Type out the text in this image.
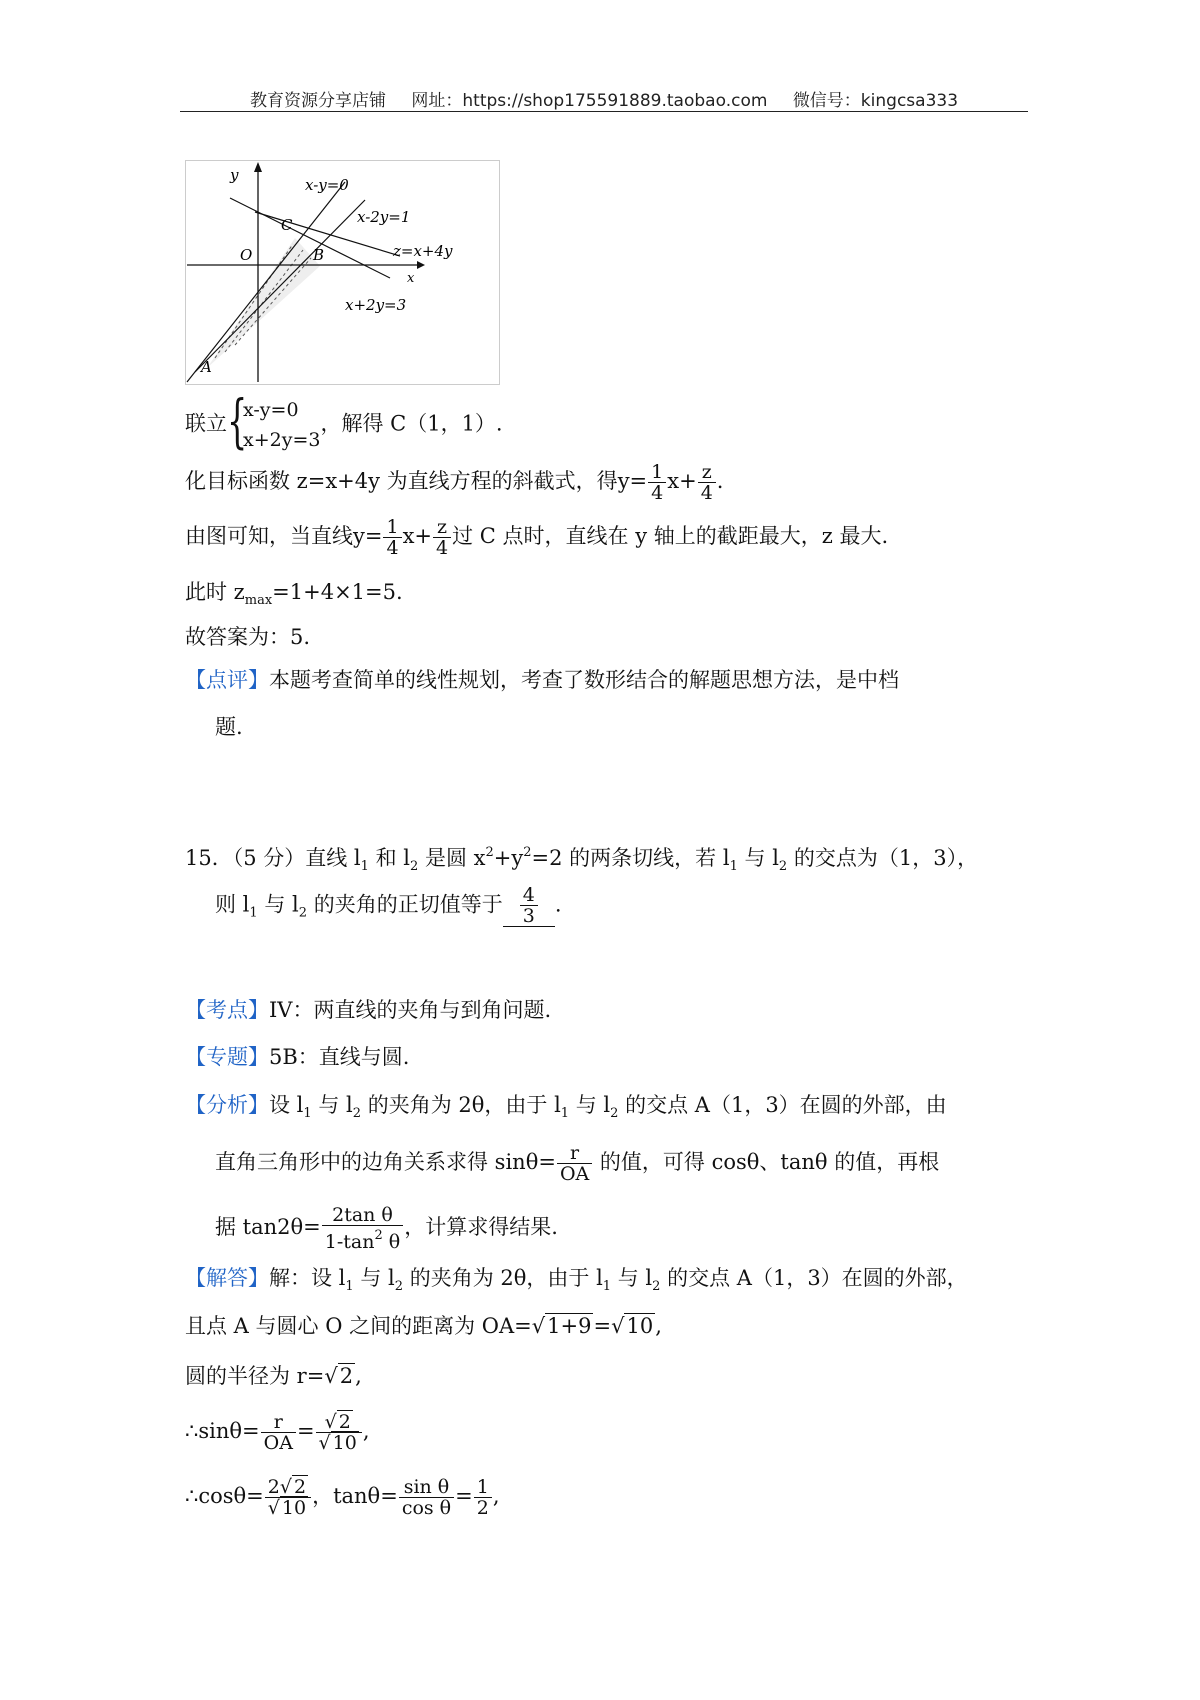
教育资源分享店铺 网址：https://shop175591889.taobao.com 微信号：kingcsa333
y
x
O
A
B
C
x-y=0
x-2y=1
z=x+4y
x+2y=3
联立 {
x-y=0
x+2y=3
，解得 C（1，1）.
化目标函数 z=x+4y 为直线方程的斜截式，得$y= \frac{1}{4} x+ \frac{z}{4}$ .
由图可知，当直线$y= \frac{1}{4} x+ \frac{z}{4}$ 过 C 点时，直线在 y 轴上的截距最大，z 最大.
此时 $z_{max}=1+4\times 1=5$.
故答案为：5.
【点评】本题考查简单的线性规划，考查了数形结合的解题思想方法，是中档
题.
15．（5 分）直线 $l_1$ 和 $l_2$ 是圆 $x^2+y^2=2$ 的两条切线，若 $l_1$ 与 $l_2$ 的交点为（1，3），
则 $l_1$ 与 $l_2$ 的夹角的正切值等于 $\frac{4}{3}$ .
【考点】IV：两直线的夹角与到角问题.
【专题】5B：直线与圆.
【分析】设 $l_1$ 与 $l_2$ 的夹角为 2θ，由于 $l_1$ 与 $l_2$ 的交点 A（1，3）在圆的外部，由
直角三角形中的边角关系求得 $\sin\theta= \frac{r}{OA}$ 的值，可得 cosθ、tanθ 的值，再根
据 $\tan 2\theta= \frac{\text{2tan θ}}{1-\tan^2 \theta}$ ，计算求得结果.
【解答】解：设 $l_1$ 与 $l_2$ 的夹角为 2θ，由于 $l_1$ 与 $l_2$ 的交点 A（1，3）在圆的外部，
且点 A 与圆心 O 之间的距离为 OA=√1+9=√10,
圆的半径为 r=√2,
∴sinθ= $\frac{r}{OA} = \frac{√ 2}{√ 10}$ ,
∴cosθ= $\frac{2√ 2}{√ 10}$ ，$\tan\theta= \frac{\text{sin θ}}{\text{cos θ}} = \frac{1}{2}$ ,
